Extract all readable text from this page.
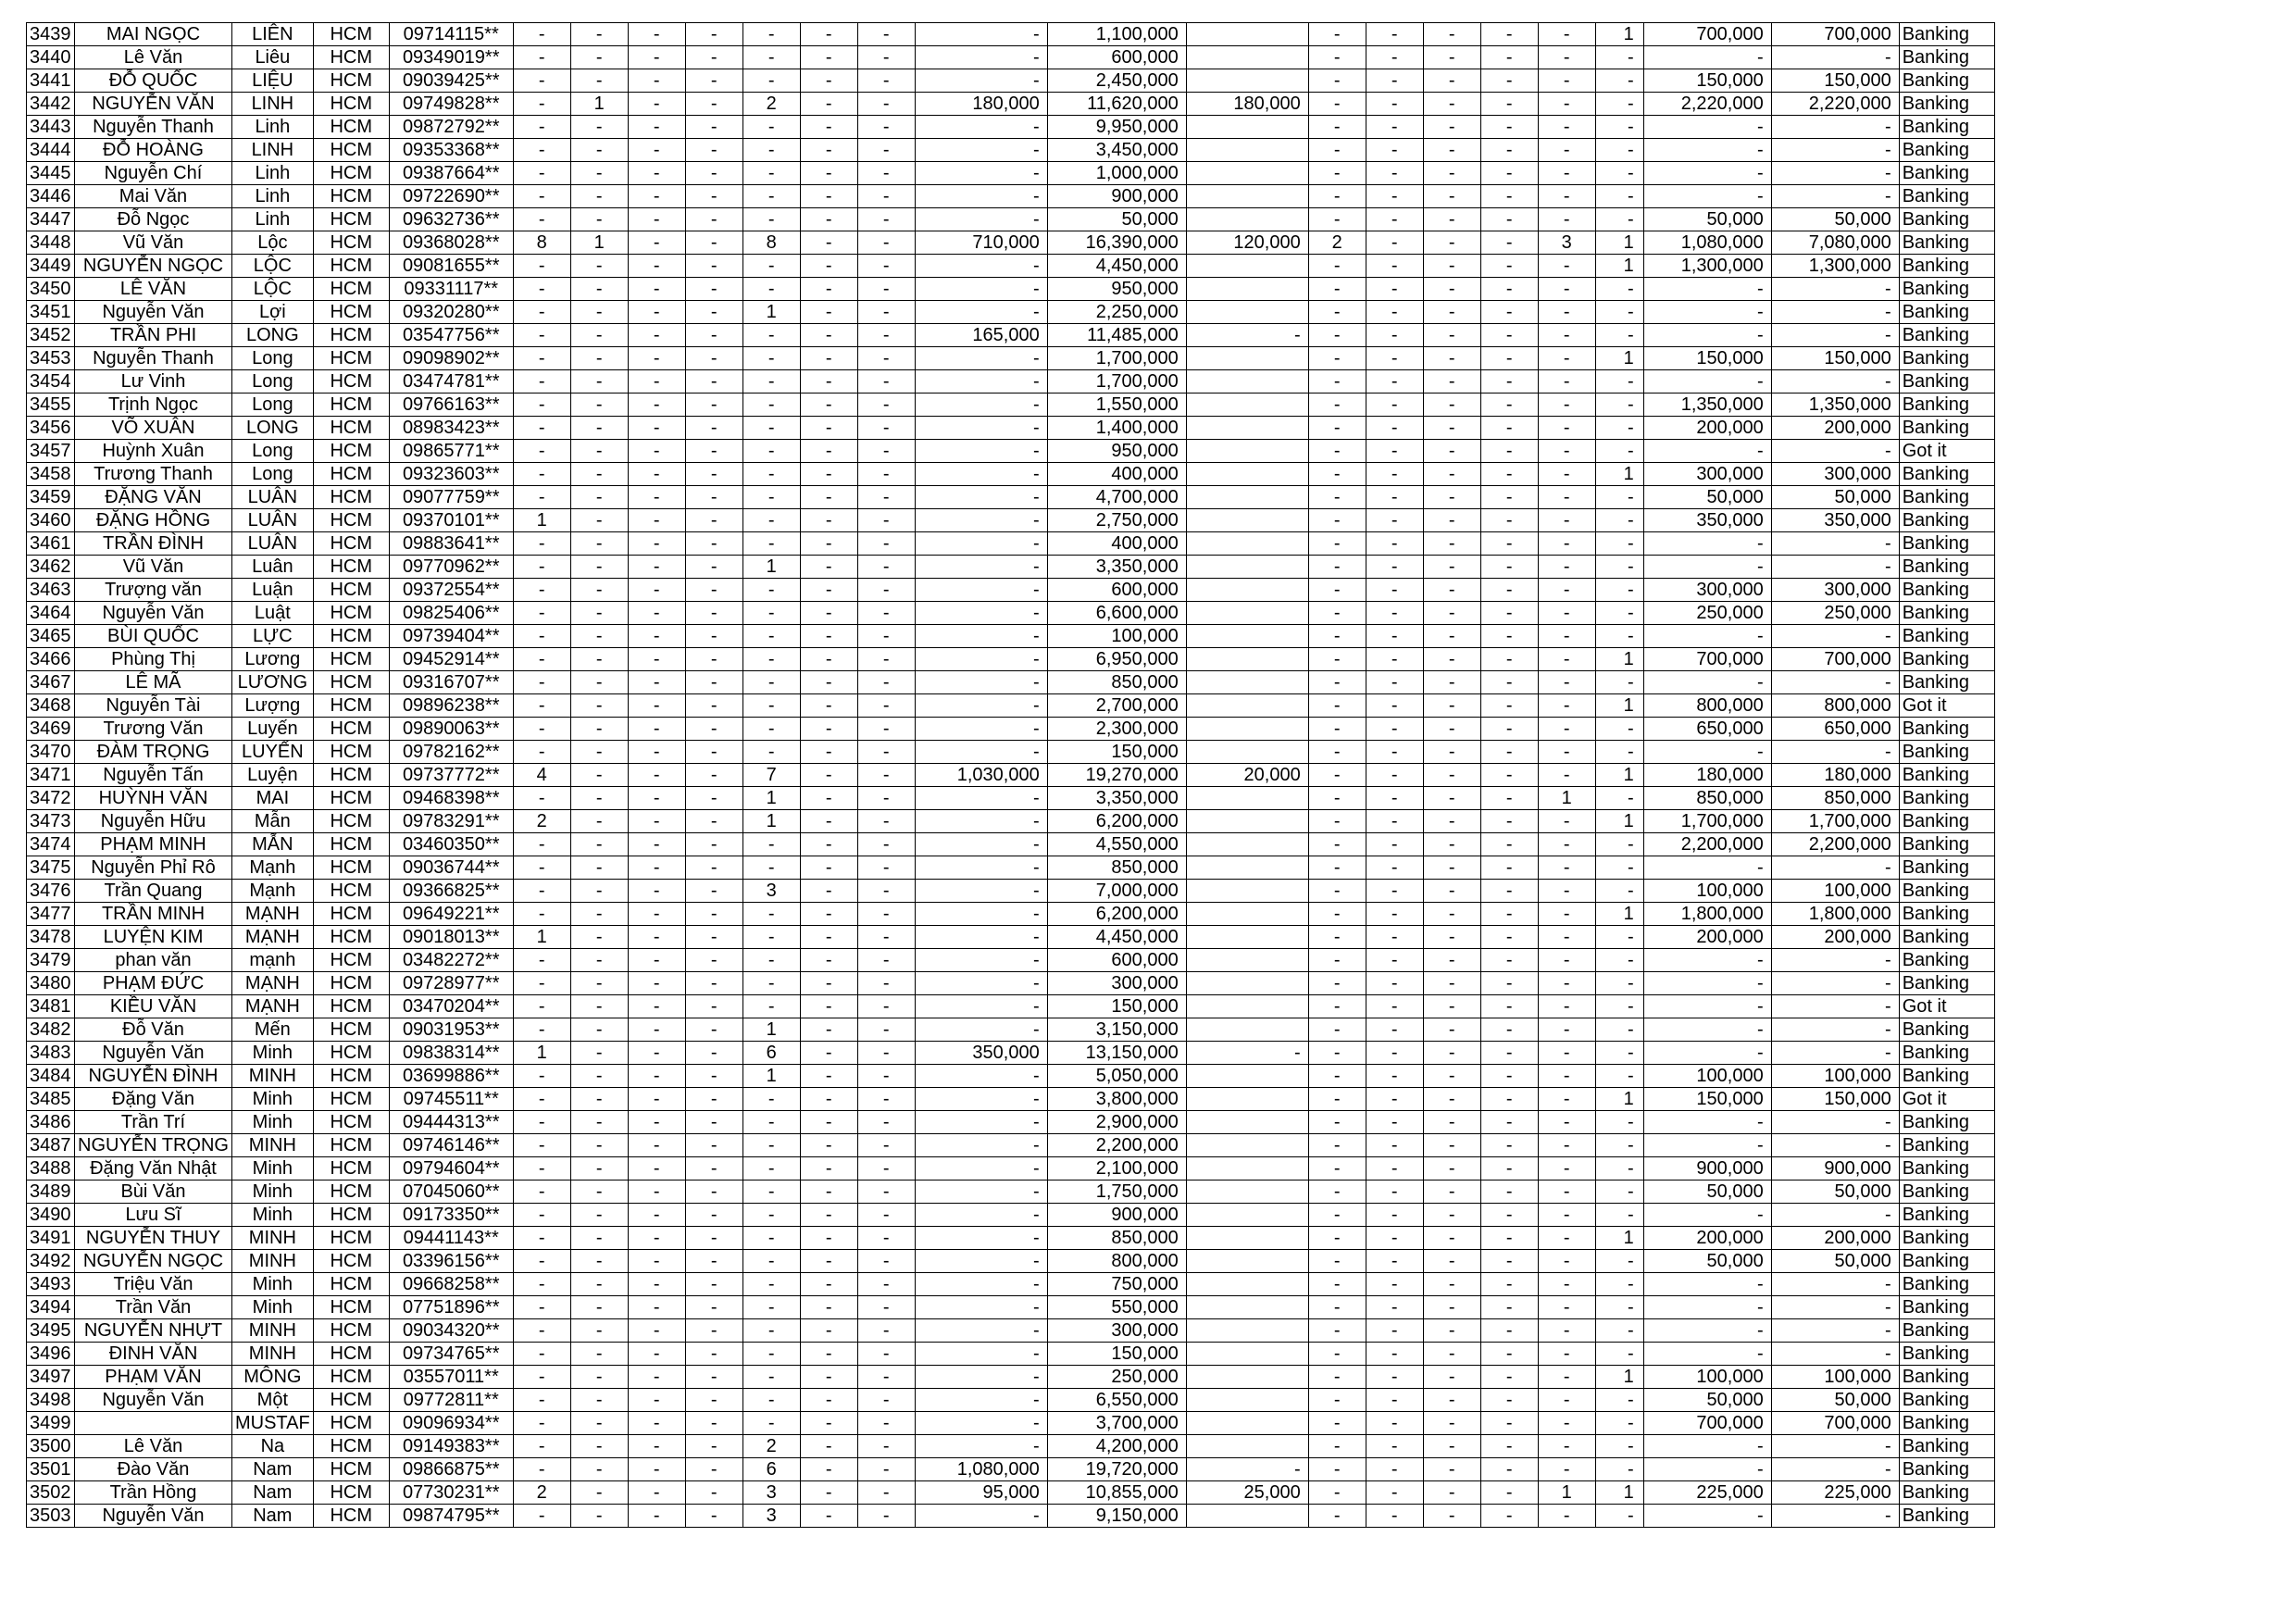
3439	MAI NGỌC	LIÊN	HCM	09714115**	-	-	-	-	-	-	-	-	1,100,000		-	-	-	-	-	1	700,000	700,000	Banking
3440	Lê Văn	Liêu	HCM	09349019**	-	-	-	-	-	-	-	-	600,000		-	-	-	-	-	-	-	-	Banking
3441	ĐỖ QUỐC	LIỆU	HCM	09039425**	-	-	-	-	-	-	-	-	2,450,000		-	-	-	-	-	-	150,000	150,000	Banking
3442	NGUYỄN VĂN	LINH	HCM	09749828**	-	1	-	-	2	-	-	180,000	11,620,000	180,000	-	-	-	-	-	-	2,220,000	2,220,000	Banking
3443	Nguyễn Thanh	Linh	HCM	09872792**	-	-	-	-	-	-	-	-	9,950,000		-	-	-	-	-	-	-	-	Banking
3444	ĐỖ HOÀNG	LINH	HCM	09353368**	-	-	-	-	-	-	-	-	3,450,000		-	-	-	-	-	-	-	-	Banking
3445	Nguyễn Chí	Linh	HCM	09387664**	-	-	-	-	-	-	-	-	1,000,000		-	-	-	-	-	-	-	-	Banking
3446	Mai Văn	Linh	HCM	09722690**	-	-	-	-	-	-	-	-	900,000		-	-	-	-	-	-	-	-	Banking
3447	Đỗ Ngọc	Linh	HCM	09632736**	-	-	-	-	-	-	-	-	50,000		-	-	-	-	-	-	50,000	50,000	Banking
3448	Vũ Văn	Lộc	HCM	09368028**	8	1	-	-	8	-	-	710,000	16,390,000	120,000	2	-	-	-	3	1	1,080,000	7,080,000	Banking
3449	NGUYỄN NGỌC	LỘC	HCM	09081655**	-	-	-	-	-	-	-	-	4,450,000		-	-	-	-	-	1	1,300,000	1,300,000	Banking
3450	LÊ VĂN	LỘC	HCM	09331117**	-	-	-	-	-	-	-	-	950,000		-	-	-	-	-	-	-	-	Banking
3451	Nguyễn Văn	Lợi	HCM	09320280**	-	-	-	-	1	-	-	-	2,250,000		-	-	-	-	-	-	-	-	Banking
3452	TRẦN PHI	LONG	HCM	03547756**	-	-	-	-	-	-	-	165,000	11,485,000	-	-	-	-	-	-	-	-	-	Banking
3453	Nguyễn Thanh	Long	HCM	09098902**	-	-	-	-	-	-	-	-	1,700,000		-	-	-	-	-	1	150,000	150,000	Banking
3454	Lư Vinh	Long	HCM	03474781**	-	-	-	-	-	-	-	-	1,700,000		-	-	-	-	-	-	-	-	Banking
3455	Trịnh Ngọc	Long	HCM	09766163**	-	-	-	-	-	-	-	-	1,550,000		-	-	-	-	-	-	1,350,000	1,350,000	Banking
3456	VÕ XUÂN	LONG	HCM	08983423**	-	-	-	-	-	-	-	-	1,400,000		-	-	-	-	-	-	200,000	200,000	Banking
3457	Huỳnh Xuân	Long	HCM	09865771**	-	-	-	-	-	-	-	-	950,000		-	-	-	-	-	-	-	-	Got it
3458	Trương Thanh	Long	HCM	09323603**	-	-	-	-	-	-	-	-	400,000		-	-	-	-	-	1	300,000	300,000	Banking
3459	ĐẶNG VĂN	LUÂN	HCM	09077759**	-	-	-	-	-	-	-	-	4,700,000		-	-	-	-	-	-	50,000	50,000	Banking
3460	ĐẶNG HỒNG	LUÂN	HCM	09370101**	1	-	-	-	-	-	-	-	2,750,000		-	-	-	-	-	-	350,000	350,000	Banking
3461	TRẦN ĐÌNH	LUÂN	HCM	09883641**	-	-	-	-	-	-	-	-	400,000		-	-	-	-	-	-	-	-	Banking
3462	Vũ Văn	Luân	HCM	09770962**	-	-	-	-	1	-	-	-	3,350,000		-	-	-	-	-	-	-	-	Banking
3463	Trượng văn	Luận	HCM	09372554**	-	-	-	-	-	-	-	-	600,000		-	-	-	-	-	-	300,000	300,000	Banking
3464	Nguyễn Văn	Luật	HCM	09825406**	-	-	-	-	-	-	-	-	6,600,000		-	-	-	-	-	-	250,000	250,000	Banking
3465	BÙI QUỐC	LỰC	HCM	09739404**	-	-	-	-	-	-	-	-	100,000		-	-	-	-	-	-	-	-	Banking
3466	Phùng Thị	Lương	HCM	09452914**	-	-	-	-	-	-	-	-	6,950,000		-	-	-	-	-	1	700,000	700,000	Banking
3467	LÊ MÃ	LƯƠNG	HCM	09316707**	-	-	-	-	-	-	-	-	850,000		-	-	-	-	-	-	-	-	Banking
3468	Nguyễn Tài	Lượng	HCM	09896238**	-	-	-	-	-	-	-	-	2,700,000		-	-	-	-	-	1	800,000	800,000	Got it
3469	Trương Văn	Luyến	HCM	09890063**	-	-	-	-	-	-	-	-	2,300,000		-	-	-	-	-	-	650,000	650,000	Banking
3470	ĐÀM TRỌNG	LUYẾN	HCM	09782162**	-	-	-	-	-	-	-	-	150,000		-	-	-	-	-	-	-	-	Banking
3471	Nguyễn Tấn	Luyện	HCM	09737772**	4	-	-	-	7	-	-	1,030,000	19,270,000	20,000	-	-	-	-	-	1	180,000	180,000	Banking
3472	HUỲNH VĂN	MAI	HCM	09468398**	-	-	-	-	1	-	-	-	3,350,000		-	-	-	-	1	-	850,000	850,000	Banking
3473	Nguyễn Hữu	Mẫn	HCM	09783291**	2	-	-	-	1	-	-	-	6,200,000		-	-	-	-	-	1	1,700,000	1,700,000	Banking
3474	PHẠM MINH	MẪN	HCM	03460350**	-	-	-	-	-	-	-	-	4,550,000		-	-	-	-	-	-	2,200,000	2,200,000	Banking
3475	Nguyễn Phỉ Rô	Mạnh	HCM	09036744**	-	-	-	-	-	-	-	-	850,000		-	-	-	-	-	-	-	-	Banking
3476	Trần Quang	Mạnh	HCM	09366825**	-	-	-	-	3	-	-	-	7,000,000		-	-	-	-	-	-	100,000	100,000	Banking
3477	TRẦN MINH	MẠNH	HCM	09649221**	-	-	-	-	-	-	-	-	6,200,000		-	-	-	-	-	1	1,800,000	1,800,000	Banking
3478	LUYỆN KIM	MẠNH	HCM	09018013**	1	-	-	-	-	-	-	-	4,450,000		-	-	-	-	-	-	200,000	200,000	Banking
3479	phan văn	mạnh	HCM	03482272**	-	-	-	-	-	-	-	-	600,000		-	-	-	-	-	-	-	-	Banking
3480	PHẠM ĐỨC	MẠNH	HCM	09728977**	-	-	-	-	-	-	-	-	300,000		-	-	-	-	-	-	-	-	Banking
3481	KIỀU VĂN	MẠNH	HCM	03470204**	-	-	-	-	-	-	-	-	150,000		-	-	-	-	-	-	-	-	Got it
3482	Đỗ Văn	Mến	HCM	09031953**	-	-	-	-	1	-	-	-	3,150,000		-	-	-	-	-	-	-	-	Banking
3483	Nguyễn Văn	Minh	HCM	09838314**	1	-	-	-	6	-	-	350,000	13,150,000	-	-	-	-	-	-	-	-	-	Banking
3484	NGUYỄN ĐÌNH	MINH	HCM	03699886**	-	-	-	-	1	-	-	-	5,050,000		-	-	-	-	-	-	100,000	100,000	Banking
3485	Đặng Văn	Minh	HCM	09745511**	-	-	-	-	-	-	-	-	3,800,000		-	-	-	-	-	1	150,000	150,000	Got it
3486	Trần Trí	Minh	HCM	09444313**	-	-	-	-	-	-	-	-	2,900,000		-	-	-	-	-	-	-	-	Banking
3487	NGUYỄN TRỌNG	MINH	HCM	09746146**	-	-	-	-	-	-	-	-	2,200,000		-	-	-	-	-	-	-	-	Banking
3488	Đặng Văn Nhật	Minh	HCM	09794604**	-	-	-	-	-	-	-	-	2,100,000		-	-	-	-	-	-	900,000	900,000	Banking
3489	Bùi Văn	Minh	HCM	07045060**	-	-	-	-	-	-	-	-	1,750,000		-	-	-	-	-	-	50,000	50,000	Banking
3490	Lưu Sĩ	Minh	HCM	09173350**	-	-	-	-	-	-	-	-	900,000		-	-	-	-	-	-	-	-	Banking
3491	NGUYỄN THUY	MINH	HCM	09441143**	-	-	-	-	-	-	-	-	850,000		-	-	-	-	-	1	200,000	200,000	Banking
3492	NGUYỄN NGỌC	MINH	HCM	03396156**	-	-	-	-	-	-	-	-	800,000		-	-	-	-	-	-	50,000	50,000	Banking
3493	Triệu Văn	Minh	HCM	09668258**	-	-	-	-	-	-	-	-	750,000		-	-	-	-	-	-	-	-	Banking
3494	Trần Văn	Minh	HCM	07751896**	-	-	-	-	-	-	-	-	550,000		-	-	-	-	-	-	-	-	Banking
3495	NGUYỄN NHỰT	MINH	HCM	09034320**	-	-	-	-	-	-	-	-	300,000		-	-	-	-	-	-	-	-	Banking
3496	ĐINH VĂN	MINH	HCM	09734765**	-	-	-	-	-	-	-	-	150,000		-	-	-	-	-	-	-	-	Banking
3497	PHẠM VĂN	MÔNG	HCM	03557011**	-	-	-	-	-	-	-	-	250,000		-	-	-	-	-	1	100,000	100,000	Banking
3498	Nguyễn Văn	Một	HCM	09772811**	-	-	-	-	-	-	-	-	6,550,000		-	-	-	-	-	-	50,000	50,000	Banking
3499		MUSTAF	HCM	09096934**	-	-	-	-	-	-	-	-	3,700,000		-	-	-	-	-	-	700,000	700,000	Banking
3500	Lê Văn	Na	HCM	09149383**	-	-	-	-	2	-	-	-	4,200,000		-	-	-	-	-	-	-	-	Banking
3501	Đào Văn	Nam	HCM	09866875**	-	-	-	-	6	-	-	1,080,000	19,720,000	-	-	-	-	-	-	-	-	-	Banking
3502	Trần Hồng	Nam	HCM	07730231**	2	-	-	-	3	-	-	95,000	10,855,000	25,000	-	-	-	-	1	1	225,000	225,000	Banking
3503	Nguyễn Văn	Nam	HCM	09874795**	-	-	-	-	3	-	-	-	9,150,000		-	-	-	-	-	-	-	-	Banking
